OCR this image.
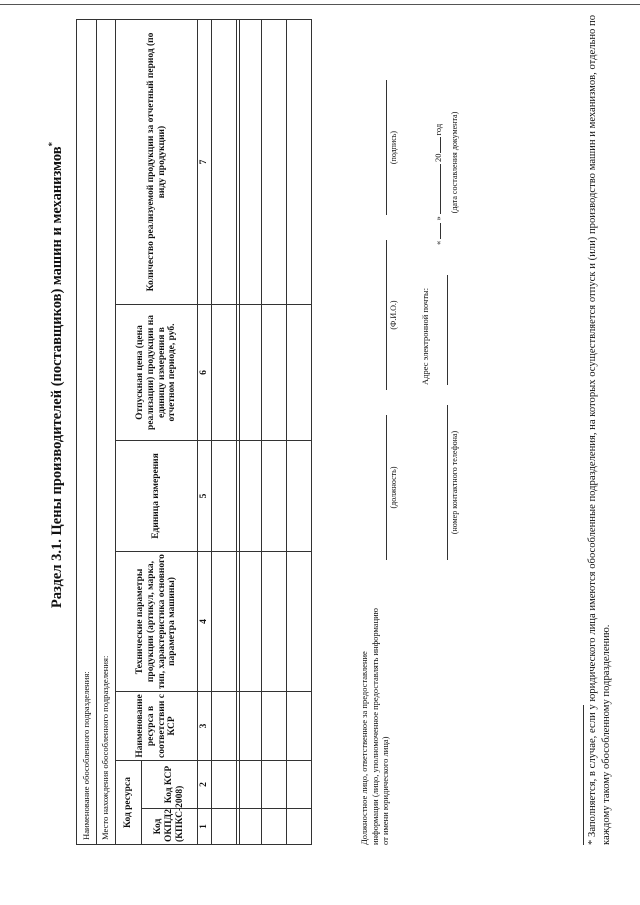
Раздел 3.1. Цены производителей (поставщиков) машин и механизмов*
Наименование обособленного подразделения: Место нахождения обособленного подразделения: Код ресурса		Наименование ресурса в соответствии с КСР	Технические параметры продукции (артикул, марка, тип, характеристика основного параметра машины)	Единица измерения	Отпускная цена (цена реализации) продукции на единицу измерения в отчетном периоде, руб.	Количество реализуемой продукции за отчетный период (по виду продукции)
Код ОКПД2 (КПКС-2008)	Код КСР					
1	2	3	4	5	6	7

Должностное лицо, ответственное за предоставление информации (лицо, уполномоченное предоставлять информацию от имени юридического лица)
(должность)
(Ф.И.О.)
(подпись)
(номер контактного телефона)
Адрес электронной почты:
«  »  20 год (дата составления документа)	* Заполняется, в случае, если у юридического лица имеются обособленные подразделения, на которых осуществляется отпуск и (или) производство машин и механизмов, отдельно по каждому такому обособленному подразделению.
